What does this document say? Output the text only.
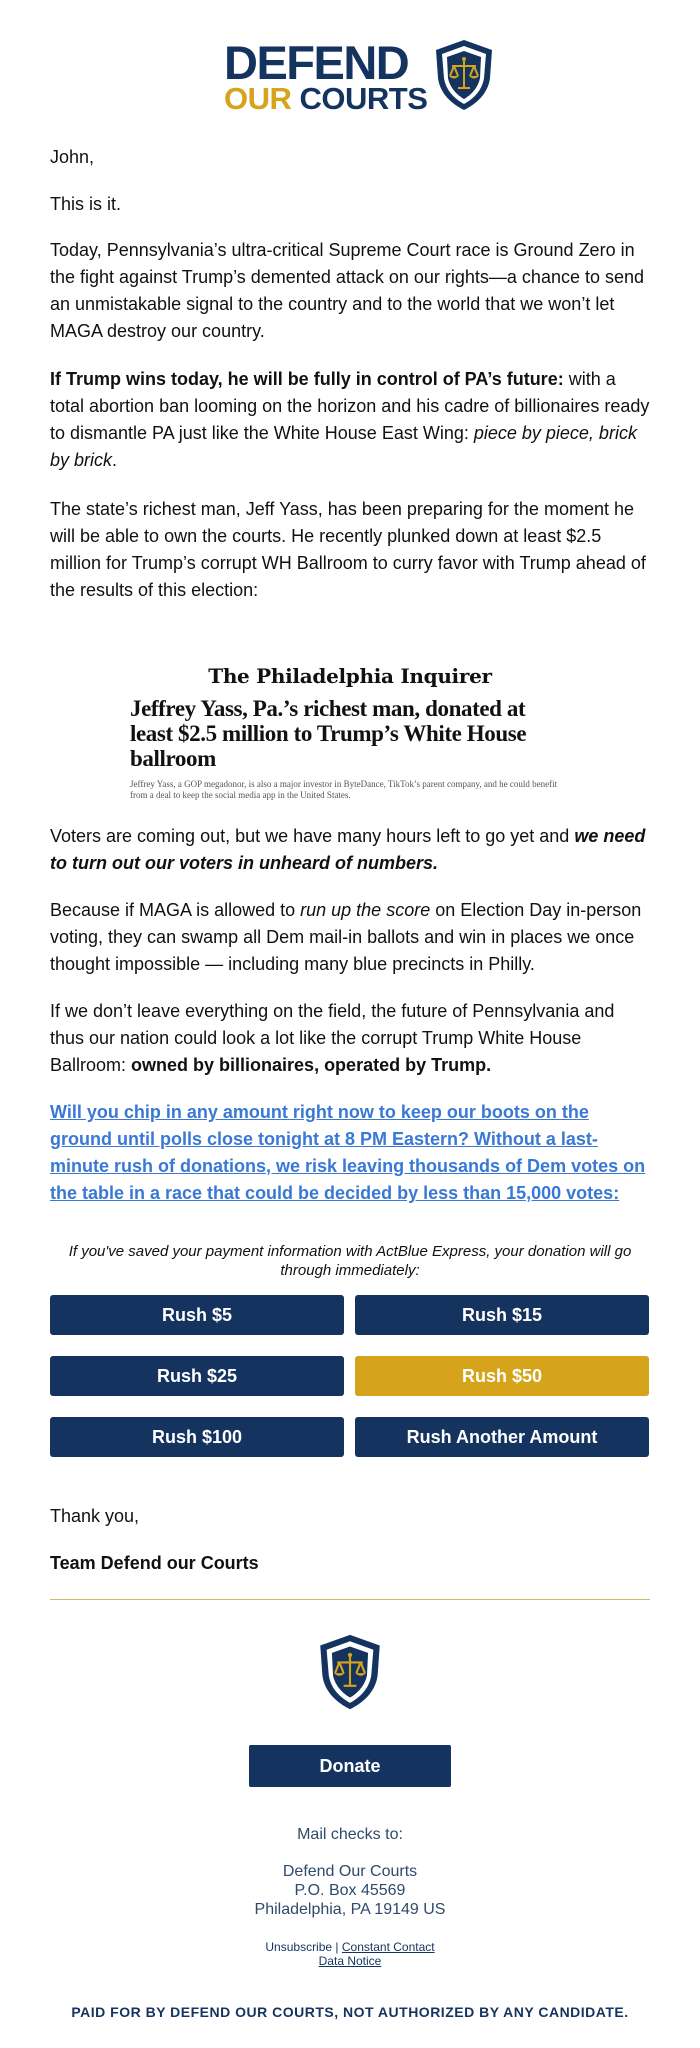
DEFEND
OUR COURTS

John,

This is it.

Today, Pennsylvania’s ultra-critical Supreme Court race is Ground Zero in the fight against Trump’s demented attack on our rights—a chance to send an unmistakable signal to the country and to the world that we won’t let MAGA destroy our country.

If Trump wins today, he will be fully in control of PA’s future: with a total abortion ban looming on the horizon and his cadre of billionaires ready to dismantle PA just like the White House East Wing: piece by piece, brick by brick.

The state’s richest man, Jeff Yass, has been preparing for the moment he will be able to own the courts. He recently plunked down at least $2.5 million for Trump’s corrupt WH Ballroom to curry favor with Trump ahead of the results of this election:

The Philadelphia Inquirer
Jeffrey Yass, Pa.’s richest man, donated at least $2.5 million to Trump’s White House ballroom
Jeffrey Yass, a GOP megadonor, is also a major investor in ByteDance, TikTok’s parent company, and he could benefit from a deal to keep the social media app in the United States.

Voters are coming out, but we have many hours left to go yet and we need to turn out our voters in unheard of numbers.

Because if MAGA is allowed to run up the score on Election Day in-person voting, they can swamp all Dem mail-in ballots and win in places we once thought impossible — including many blue precincts in Philly.

If we don’t leave everything on the field, the future of Pennsylvania and thus our nation could look a lot like the corrupt Trump White House Ballroom: owned by billionaires, operated by Trump.

Will you chip in any amount right now to keep our boots on the ground until polls close tonight at 8 PM Eastern? Without a last-minute rush of donations, we risk leaving thousands of Dem votes on the table in a race that could be decided by less than 15,000 votes:

If you've saved your payment information with ActBlue Express, your donation will go through immediately:

Rush $5	Rush $15
Rush $25	Rush $50
Rush $100	Rush Another Amount

Thank you,

Team Defend our Courts

Donate
Mail checks to:
Defend Our Courts
P.O. Box 45569
Philadelphia, PA 19149 US
Unsubscribe | Constant Contact
Data Notice
PAID FOR BY DEFEND OUR COURTS, NOT AUTHORIZED BY ANY CANDIDATE.
